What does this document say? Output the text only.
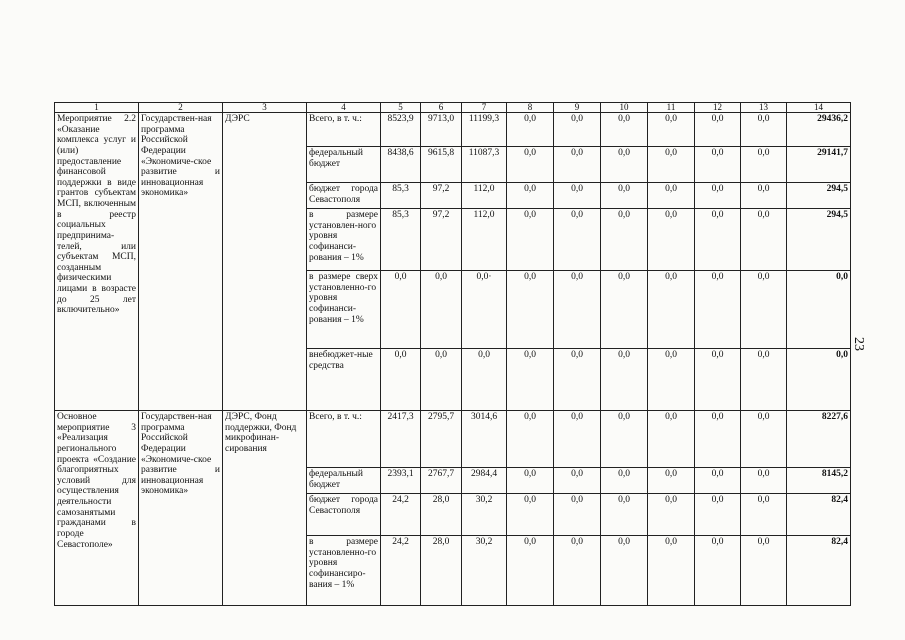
1	2	3	4	5	6	7	8	9	10	11	12	13	14
Мероприятие 2.2 «Оказание комплекса услуг и (или) предоставление финансовой поддержки в виде грантов субъектам МСП, включенным в реестр социальных предпринима-телей, или субъектам МСП, созданным физическими лицами в возрасте до 25 лет включительно»	Государствен-ная программа Российской Федерации «Экономиче-ское развитие и инновационная экономика»	ДЭРС	Всего, в т. ч.:	8523,9	9713,0	11199,3	0,0	0,0	0,0	0,0	0,0	0,0	29436,2
			федеральный бюджет	8438,6	9615,8	11087,3	0,0	0,0	0,0	0,0	0,0	0,0	29141,7
			бюджет города Севастополя	85,3	97,2	112,0	0,0	0,0	0,0	0,0	0,0	0,0	294,5
			в размере установлен-ного уровня софинанси-рования – 1%	85,3	97,2	112,0	0,0	0,0	0,0	0,0	0,0	0,0	294,5
			в размере сверх установленно-го уровня софинанси-рования – 1%	0,0	0,0	0,0·	0,0	0,0	0,0	0,0	0,0	0,0	0,0
			внебюджет-ные средства	0,0	0,0	0,0	0,0	0,0	0,0	0,0	0,0	0,0	0,0
Основное мероприятие 3 «Реализация регионального проекта «Создание благоприятных условий для осуществления деятельности самозанятыми гражданами в городе Севастополе»	Государствен-ная программа Российской Федерации «Экономиче-ское развитие и инновационная экономика»	ДЭРС, Фонд поддержки, Фонд микрофинан-сирования	Всего, в т. ч.:	2417,3	2795,7	3014,6	0,0	0,0	0,0	0,0	0,0	0,0	8227,6
			федеральный бюджет	2393,1	2767,7	2984,4	0,0	0,0	0,0	0,0	0,0	0,0	8145,2
			бюджет города Севастополя	24,2	28,0	30,2	0,0	0,0	0,0	0,0	0,0	0,0	82,4
			в размере установленно-го уровня софинансиро-вания – 1%	24,2	28,0	30,2	0,0	0,0	0,0	0,0	0,0	0,0	82,4
23
